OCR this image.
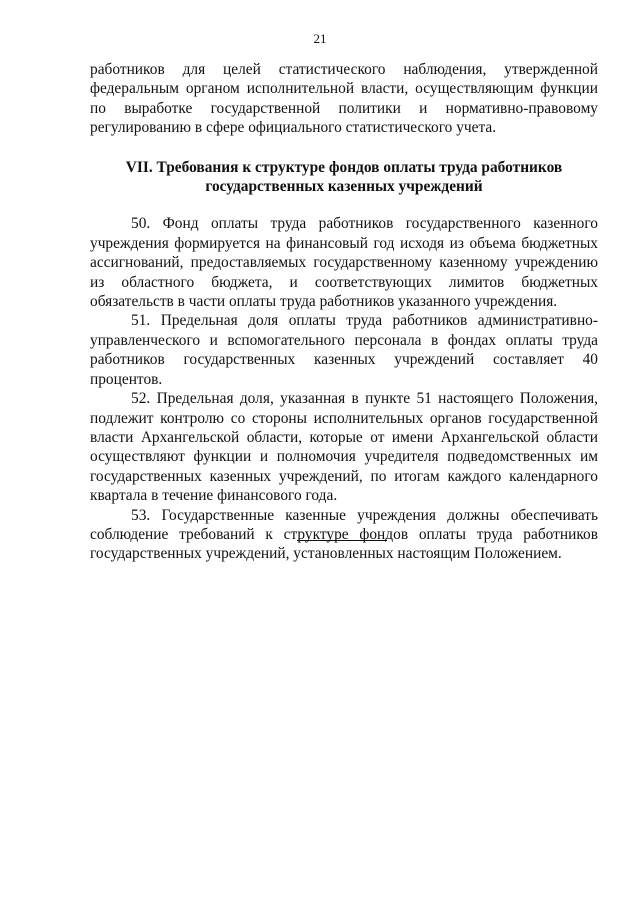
21

работников для целей статистического наблюдения, утвержденной федеральным органом исполнительной власти, осуществляющим функции по выработке государственной политики и нормативно-правовому регулированию в сфере официального статистического учета.

VII. Требования к структуре фондов оплаты труда работников
государственных казенных учреждений

50. Фонд оплаты труда работников государственного казенного учреждения формируется на финансовый год исходя из объема бюджетных ассигнований, предоставляемых государственному казенному учреждению из областного бюджета, и соответствующих лимитов бюджетных обязательств в части оплаты труда работников указанного учреждения.

51. Предельная доля оплаты труда работников административно-управленческого и вспомогательного персонала в фондах оплаты труда работников государственных казенных учреждений составляет 40 процентов.

52. Предельная доля, указанная в пункте 51 настоящего Положения, подлежит контролю со стороны исполнительных органов государственной власти Архангельской области, которые от имени Архангельской области осуществляют функции и полномочия учредителя подведомственных им государственных казенных учреждений, по итогам каждого календарного квартала в течение финансового года.

53. Государственные казенные учреждения должны обеспечивать соблюдение требований к структуре фондов оплаты труда работников государственных учреждений, установленных настоящим Положением.
